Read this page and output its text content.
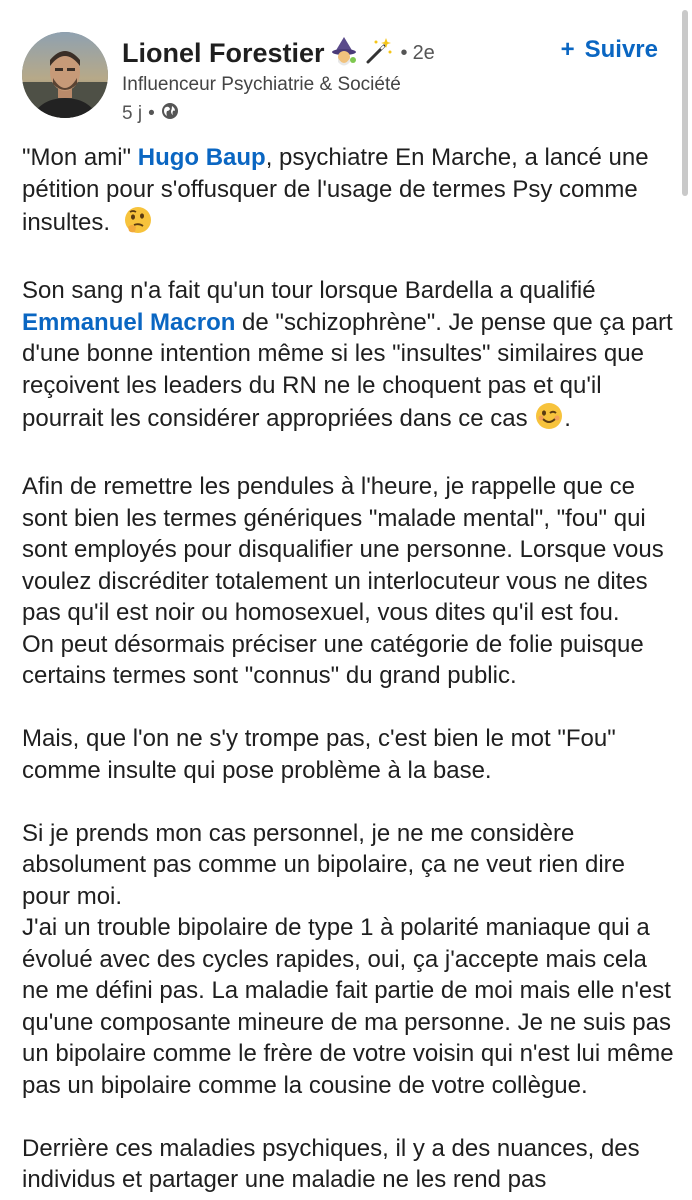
Lionel Forestier	• 2e
Influenceur Psychiatrie & Société
5 j •
+ Suivre

"Mon ami" Hugo Baup, psychiatre En Marche, a lancé une pétition pour s'offusquer de l'usage de termes Psy comme insultes.

Son sang n'a fait qu'un tour lorsque Bardella a qualifié Emmanuel Macron de "schizophrène". Je pense que ça part d'une bonne intention même si les "insultes" similaires que reçoivent les leaders du RN ne le choquent pas et qu'il pourrait les considérer appropriées dans ce cas .

Afin de remettre les pendules à l'heure, je rappelle que ce sont bien les termes génériques "malade mental", "fou" qui sont employés pour disqualifier une personne. Lorsque vous voulez discréditer totalement un interlocuteur vous ne dites pas qu'il est noir ou homosexuel, vous dites qu'il est fou.
On peut désormais préciser une catégorie de folie puisque certains termes sont "connus" du grand public.

Mais, que l'on ne s'y trompe pas, c'est bien le mot "Fou" comme insulte qui pose problème à la base.

Si je prends mon cas personnel, je ne me considère absolument pas comme un bipolaire, ça ne veut rien dire pour moi.
J'ai un trouble bipolaire de type 1 à polarité maniaque qui a évolué avec des cycles rapides, oui, ça j'accepte mais cela ne me défini pas. La maladie fait partie de moi mais elle n'est qu'une composante mineure de ma personne. Je ne suis pas un bipolaire comme le frère de votre voisin qui n'est lui même pas un bipolaire comme la cousine de votre collègue.

Derrière ces maladies psychiques, il y a des nuances, des individus et partager une maladie ne les rend pas
